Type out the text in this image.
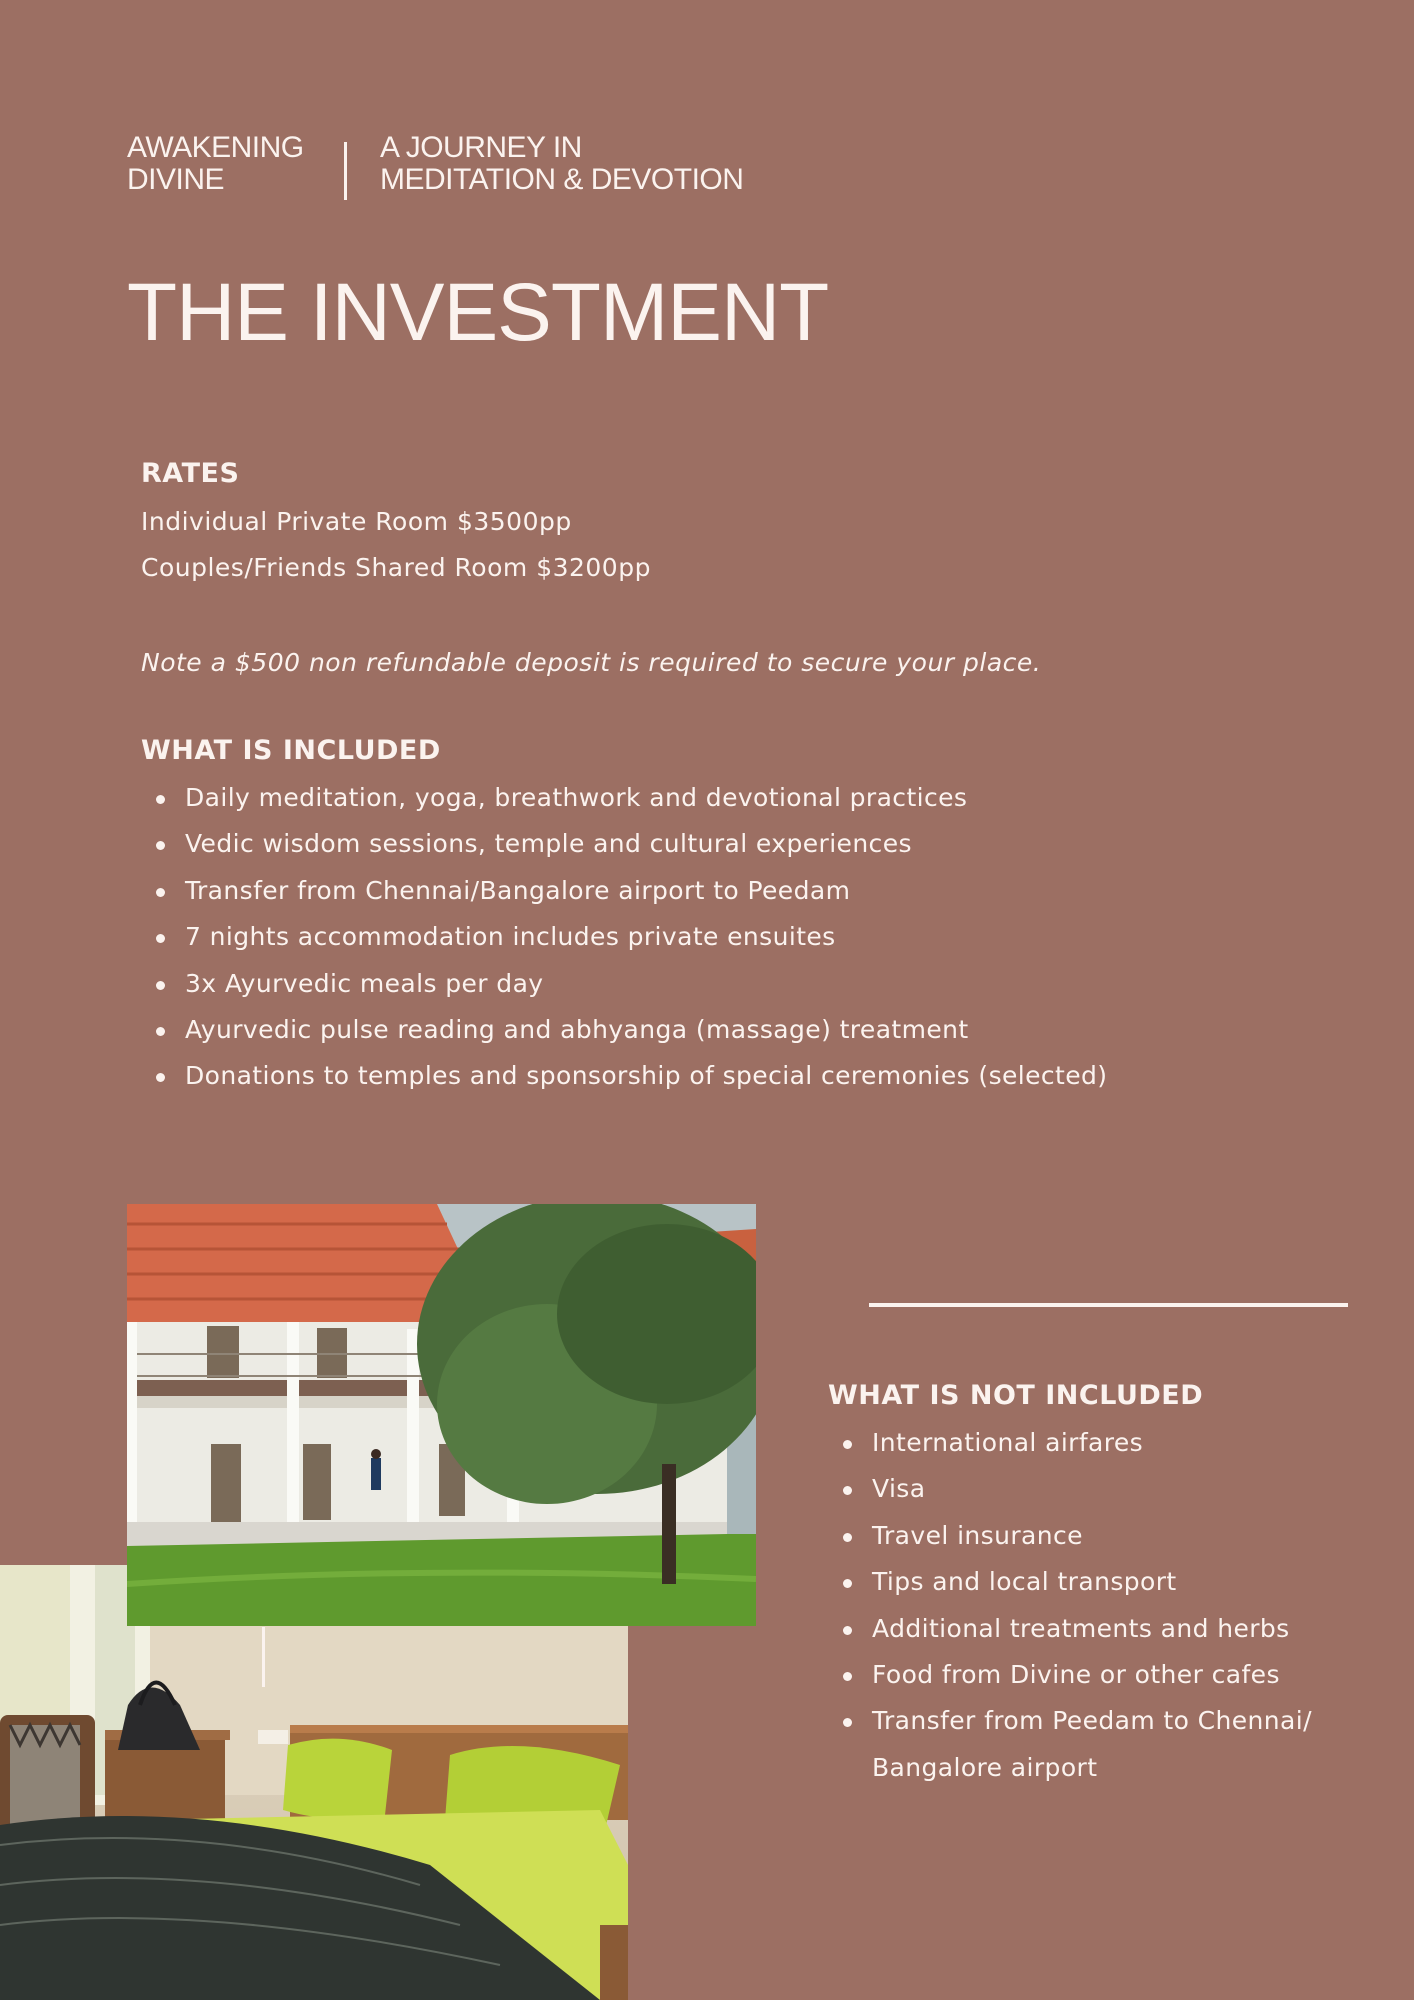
AWAKENING
DIVINE
A JOURNEY IN
MEDITATION & DEVOTION
THE INVESTMENT
RATES
Individual Private Room $3500pp
Couples/Friends Shared Room $3200pp
Note a $500 non refundable deposit is required to secure your place.
WHAT IS INCLUDED
Daily meditation, yoga, breathwork and devotional practices
Vedic wisdom sessions, temple and cultural experiences
Transfer from Chennai/Bangalore airport to Peedam
7 nights accommodation includes private ensuites
3x Ayurvedic meals per day
Ayurvedic pulse reading and abhyanga (massage) treatment
Donations to temples and sponsorship of special ceremonies (selected)
WHAT IS NOT INCLUDED
International airfares
Visa
Travel insurance
Tips and local transport
Additional treatments and herbs
Food from Divine or other cafes
Transfer from Peedam to Chennai/ Bangalore airport
